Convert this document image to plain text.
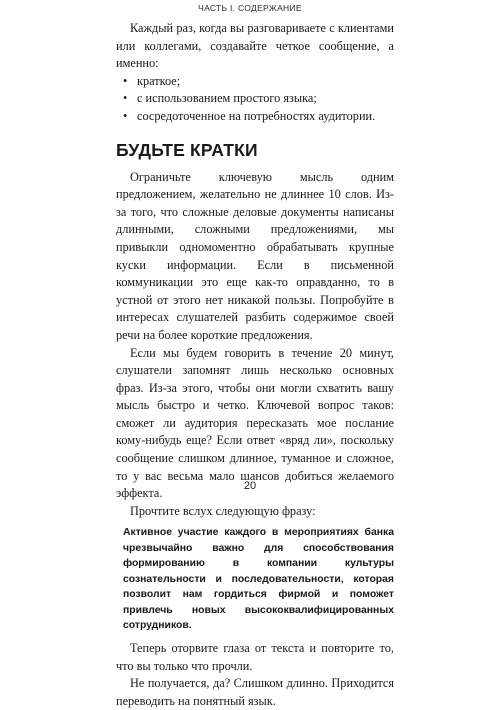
ЧАСТЬ I. СОДЕРЖАНИЕ

Каждый раз, когда вы разговариваете с клиентами или коллегами, создавайте четкое сообщение, а именно:

• краткое;
• с использованием простого языка;
• сосредоточенное на потребностях аудитории.
БУДЬТЕ КРАТКИ

Ограничьте ключевую мысль одним предложением, желательно не длиннее 10 слов. Из-за того, что сложные деловые документы написаны длинными, сложными предложениями, мы привыкли одномоментно обрабатывать крупные куски информации. Если в письменной коммуникации это еще как-то оправданно, то в устной от этого нет никакой пользы. Попробуйте в интересах слушателей разбить содержимое своей речи на более короткие предложения.

Если мы будем говорить в течение 20 минут, слушатели запомнят лишь несколько основных фраз. Из-за этого, чтобы они могли схватить вашу мысль быстро и четко. Ключевой вопрос таков: сможет ли аудитория пересказать мое послание кому-нибудь еще? Если ответ «вряд ли», поскольку сообщение слишком длинное, туманное и сложное, то у вас весьма мало шансов добиться желаемого эффекта.

Прочтите вслух следующую фразу:

Активное участие каждого в мероприятиях банка чрезвычайно важно для способствования формированию в компании культуры сознательности и последовательности, которая позволит нам гордиться фирмой и поможет привлечь новых высококвалифицированных сотрудников.

Теперь оторвите глаза от текста и повторите то, что вы только что прочли.

Не получается, да? Слишком длинно. Приходится переводить на понятный язык.

20
